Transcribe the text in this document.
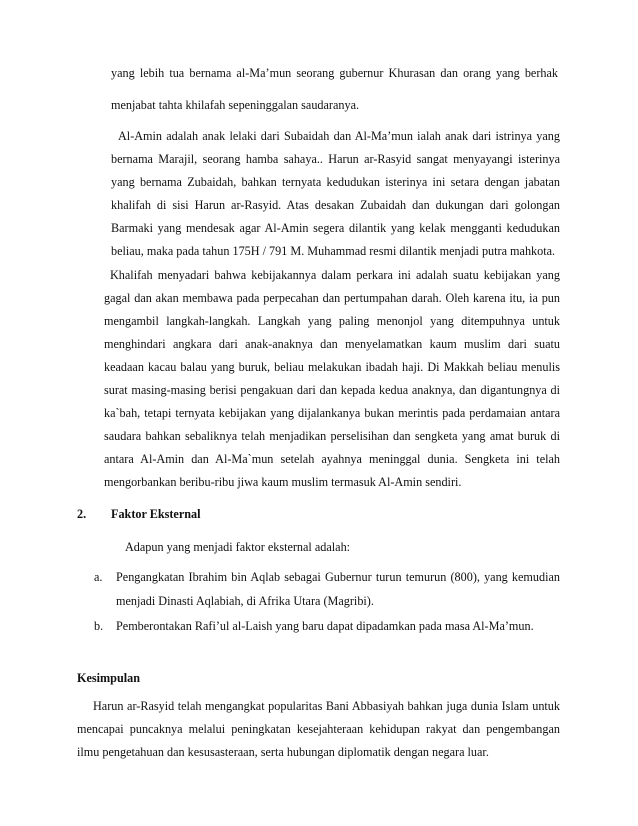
yang lebih tua bernama al-Ma’mun seorang gubernur Khurasan dan orang yang berhak

menjabat tahta khilafah sepeninggalan saudaranya.

Al-Amin adalah anak lelaki dari Subaidah dan Al-Ma’mun ialah anak dari istrinya yang

bernama Marajil, seorang hamba sahaya.. Harun ar-Rasyid sangat menyayangi isterinya

yang bernama Zubaidah, bahkan ternyata kedudukan isterinya ini setara dengan jabatan

khalifah di sisi Harun ar-Rasyid. Atas desakan Zubaidah dan dukungan dari golongan

Barmaki yang mendesak agar Al-Amin segera dilantik yang kelak mengganti kedudukan

beliau, maka pada tahun 175H / 791 M. Muhammad resmi dilantik menjadi putra mahkota.

Khalifah menyadari bahwa kebijakannya dalam perkara ini adalah suatu kebijakan yang

gagal dan akan membawa pada perpecahan dan pertumpahan darah. Oleh karena itu, ia pun

mengambil langkah-langkah. Langkah yang paling menonjol yang ditempuhnya untuk

menghindari angkara dari anak-anaknya dan menyelamatkan kaum muslim dari suatu

keadaan kacau balau yang buruk, beliau melakukan ibadah haji. Di Makkah beliau menulis

surat masing-masing berisi pengakuan dari dan kepada kedua anaknya, dan digantungnya di

ka`bah, tetapi ternyata kebijakan yang dijalankanya bukan merintis pada perdamaian antara

saudara bahkan sebaliknya telah menjadikan perselisihan dan sengketa yang amat buruk di

antara Al-Amin dan Al-Ma`mun setelah ayahnya meninggal dunia. Sengketa ini telah

mengorbankan beribu-ribu jiwa kaum muslim termasuk Al-Amin sendiri.

2. Faktor Eksternal

Adapun yang menjadi faktor eksternal adalah:

a. Pengangkatan Ibrahim bin Aqlab sebagai Gubernur turun temurun (800), yang kemudian

menjadi Dinasti Aqlabiah, di Afrika Utara (Magribi).

b. Pemberontakan Rafi’ul al-Laish yang baru dapat dipadamkan pada masa Al-Ma’mun.

Kesimpulan

Harun ar-Rasyid telah mengangkat popularitas Bani Abbasiyah bahkan juga dunia Islam untuk

mencapai puncaknya melalui peningkatan kesejahteraan kehidupan rakyat dan pengembangan

ilmu pengetahuan dan kesusasteraan, serta hubungan diplomatik dengan negara luar.
